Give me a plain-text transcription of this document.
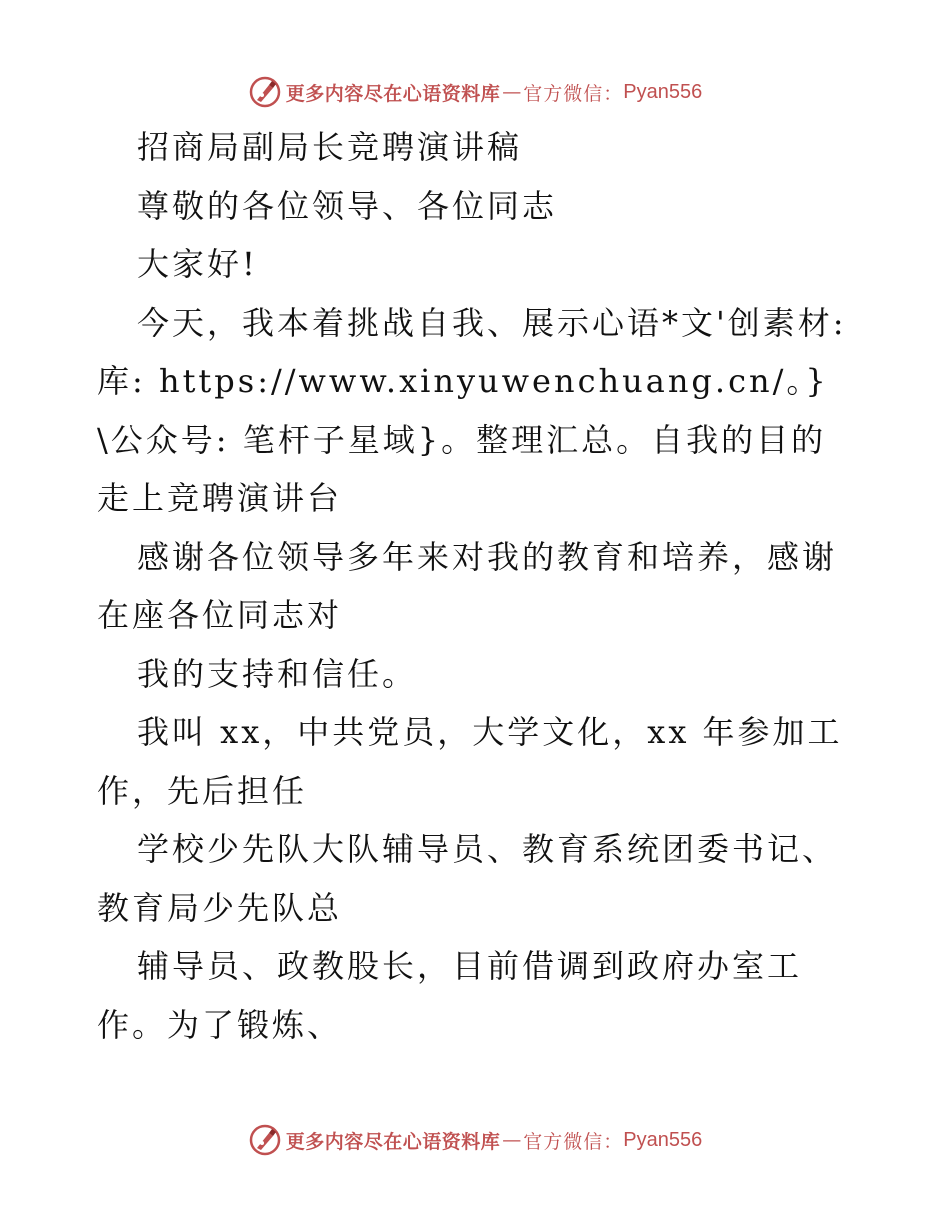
更多内容尽在心语资料库 — 官方微信： Pyan556

招商局副局长竞聘演讲稿

尊敬的各位领导、各位同志

大家好!

今天，我本着挑战自我、展示心语*文'创素材:库: https://www.xinyuwenchuang.cn/。}\公众号: 笔杆子星域}。整理汇总。自我的目的走上竞聘演讲台

感谢各位领导多年来对我的教育和培养，感谢在座各位同志对

我的支持和信任。

我叫 xx，中共党员，大学文化，xx 年参加工作，先后担任

学校少先队大队辅导员、教育系统团委书记、教育局少先队总

辅导员、政教股长，目前借调到政府办室工作。为了锻炼、

更多内容尽在心语资料库 — 官方微信： Pyan556
